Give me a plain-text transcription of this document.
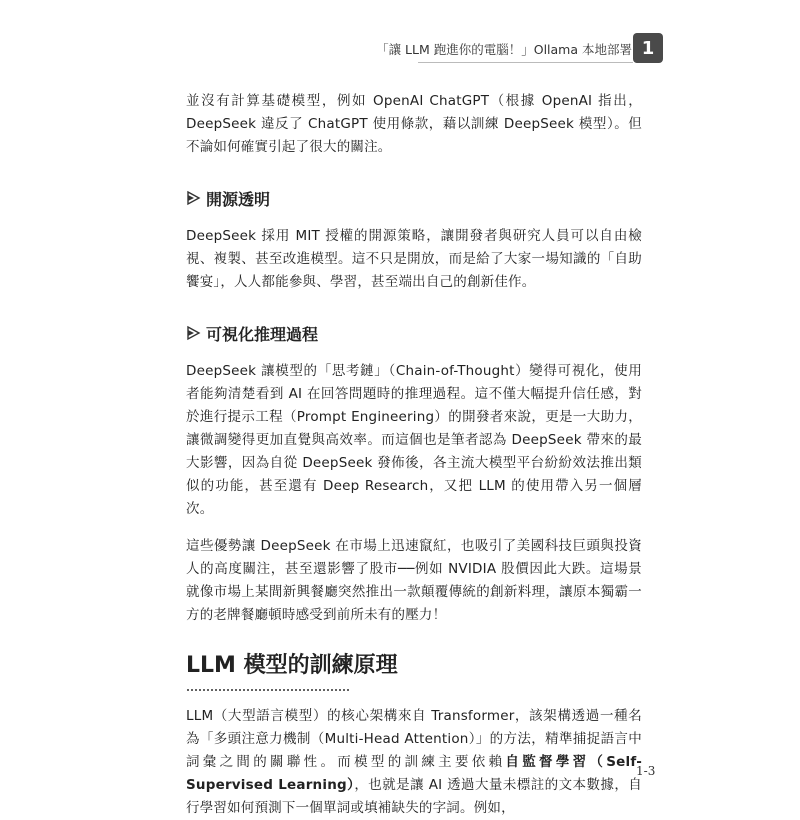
「讓 LLM 跑進你的電腦！」Ollama 本地部署 1

並沒有計算基礎模型，例如 OpenAI ChatGPT（根據 OpenAI 指出，DeepSeek 違反了 ChatGPT 使用條款，藉以訓練 DeepSeek 模型）。但不論如何確實引起了很大的關注。

開源透明

DeepSeek 採用 MIT 授權的開源策略，讓開發者與研究人員可以自由檢視、複製、甚至改進模型。這不只是開放，而是給了大家一場知識的「自助饗宴」，人人都能參與、學習，甚至端出自己的創新佳作。

可視化推理過程

DeepSeek 讓模型的「思考鏈」（Chain-of-Thought）變得可視化，使用者能夠清楚看到 AI 在回答問題時的推理過程。這不僅大幅提升信任感，對於進行提示工程（Prompt Engineering）的開發者來說，更是一大助力，讓微調變得更加直覺與高效率。而這個也是筆者認為 DeepSeek 帶來的最大影響，因為自從 DeepSeek 發佈後，各主流大模型平台紛紛效法推出類似的功能，甚至還有 Deep Research，又把 LLM 的使用帶入另一個層次。

這些優勢讓 DeepSeek 在市場上迅速竄紅，也吸引了美國科技巨頭與投資人的高度關注，甚至還影響了股市──例如 NVIDIA 股價因此大跌。這場景就像市場上某間新興餐廳突然推出一款顛覆傳統的創新料理，讓原本獨霸一方的老牌餐廳頓時感受到前所未有的壓力！

LLM 模型的訓練原理

LLM（大型語言模型）的核心架構來自 Transformer，該架構透過一種名為「多頭注意力機制（Multi-Head Attention）」的方法，精準捕捉語言中詞彙之間的關聯性。而模型的訓練主要依賴自監督學習（Self-Supervised Learning），也就是讓 AI 透過大量未標註的文本數據，自行學習如何預測下一個單詞或填補缺失的字詞。例如，

1-3
